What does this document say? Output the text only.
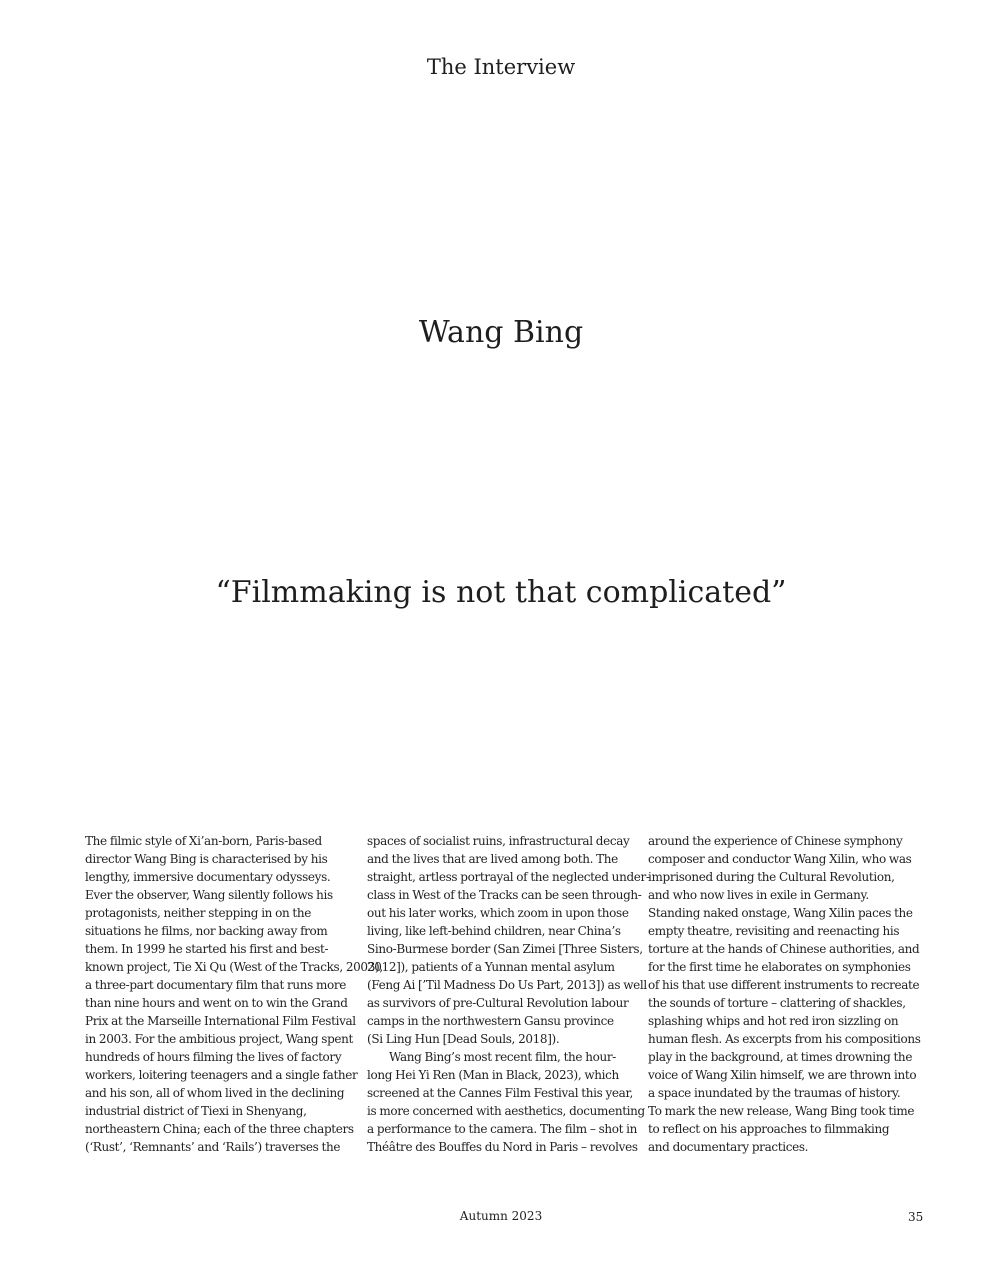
The Interview
Wang Bing
“Filmmaking is not that complicated”
The filmic style of Xi’an-born, Paris-based
director Wang Bing is characterised by his
lengthy, immersive documentary odysseys.
Ever the observer, Wang silently follows his
protagonists, neither stepping in on the
situations he films, nor backing away from
them. In 1999 he started his first and best-
known project, Tie Xi Qu (West of the Tracks, 2003),
a three-part documentary film that runs more
than nine hours and went on to win the Grand
Prix at the Marseille International Film Festival
in 2003. For the ambitious project, Wang spent
hundreds of hours filming the lives of factory
workers, loitering teenagers and a single father
and his son, all of whom lived in the declining
industrial district of Tiexi in Shenyang,
northeastern China; each of the three chapters
(‘Rust’, ‘Remnants’ and ‘Rails’) traverses the
spaces of socialist ruins, infrastructural decay
and the lives that are lived among both. The
straight, artless portrayal of the neglected under-
class in West of the Tracks can be seen through-
out his later works, which zoom in upon those
living, like left-behind children, near China’s
Sino-Burmese border (San Zimei [Three Sisters,
2012]), patients of a Yunnan mental asylum
(Feng Ai [’Til Madness Do Us Part, 2013]) as well
as survivors of pre-Cultural Revolution labour
camps in the northwestern Gansu province
(Si Ling Hun [Dead Souls, 2018]).
Wang Bing’s most recent film, the hour-
long Hei Yi Ren (Man in Black, 2023), which
screened at the Cannes Film Festival this year,
is more concerned with aesthetics, documenting
a performance to the camera. The film – shot in
Théâtre des Bouffes du Nord in Paris – revolves
around the experience of Chinese symphony
composer and conductor Wang Xilin, who was
imprisoned during the Cultural Revolution,
and who now lives in exile in Germany.
Standing naked onstage, Wang Xilin paces the
empty theatre, revisiting and reenacting his
torture at the hands of Chinese authorities, and
for the first time he elaborates on symphonies
of his that use different instruments to recreate
the sounds of torture – clattering of shackles,
splashing whips and hot red iron sizzling on
human flesh. As excerpts from his compositions
play in the background, at times drowning the
voice of Wang Xilin himself, we are thrown into
a space inundated by the traumas of history.
To mark the new release, Wang Bing took time
to reflect on his approaches to filmmaking
and documentary practices.
Autumn 2023	35
